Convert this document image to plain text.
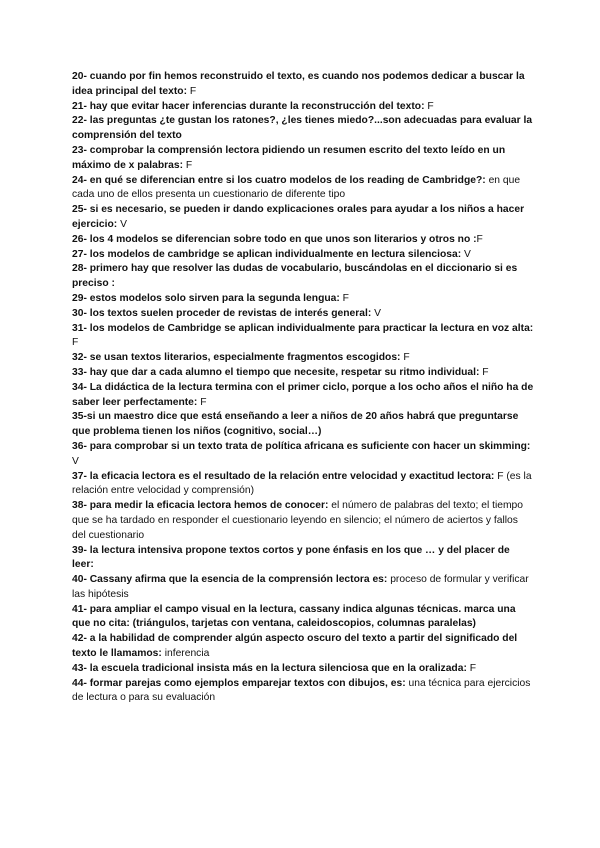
20- cuando por fin hemos reconstruido el texto, es cuando nos podemos dedicar a buscar la idea principal del texto: F

21- hay que evitar hacer inferencias durante la reconstrucción del texto: F

22- las preguntas ¿te gustan los ratones?, ¿les tienes miedo?...son adecuadas para evaluar la comprensión del texto

23- comprobar la comprensión lectora pidiendo un resumen escrito del texto leído en un máximo de x palabras: F

24- en qué se diferencian entre si los cuatro modelos de los reading de Cambridge?: en que cada uno de ellos presenta un cuestionario de diferente tipo

25- si es necesario, se pueden ir dando explicaciones orales para ayudar a los niños a hacer ejercicio: V

26- los 4 modelos se diferencian sobre todo en que unos son literarios y otros no :F

27- los modelos de cambridge se aplican individualmente en lectura silenciosa: V

28- primero hay que resolver las dudas de vocabulario, buscándolas en el diccionario si es preciso :

29- estos modelos solo sirven para la segunda lengua: F

30- los textos suelen proceder de revistas de interés general: V

31- los modelos de Cambridge se aplican individualmente para practicar la lectura en voz alta: F

32- se usan textos literarios, especialmente fragmentos escogidos: F

33- hay que dar a cada alumno el tiempo que necesite, respetar su ritmo individual: F

34- La didáctica de la lectura termina con el primer ciclo, porque a los ocho años el niño ha de saber leer perfectamente: F

35-si un maestro dice que está enseñando a leer a niños de 20 años habrá que preguntarse que problema tienen los niños (cognitivo, social…)

36- para comprobar si un texto trata de política africana es suficiente con hacer un skimming: V

37- la eficacia lectora es el resultado de la relación entre velocidad y exactitud lectora: F (es la relación entre velocidad y comprensión)

38- para medir la eficacia lectora hemos de conocer: el número de palabras del texto; el tiempo que se ha tardado en responder el cuestionario leyendo en silencio; el número de aciertos y fallos del cuestionario

39- la lectura intensiva propone textos cortos y pone énfasis en los que … y del placer de leer:

40- Cassany afirma que la esencia de la comprensión lectora es: proceso de formular y verificar las hipótesis

41- para ampliar el campo visual en la lectura, cassany indica algunas técnicas. marca una que no cita: (triángulos, tarjetas con ventana, caleidoscopios, columnas paralelas)

42- a la habilidad de comprender algún aspecto oscuro del texto a partir del significado del texto le llamamos: inferencia

43- la escuela tradicional insista más en la lectura silenciosa que en la oralizada: F

44- formar parejas como ejemplos emparejar textos con dibujos, es: una técnica para ejercicios de lectura o para su evaluación
